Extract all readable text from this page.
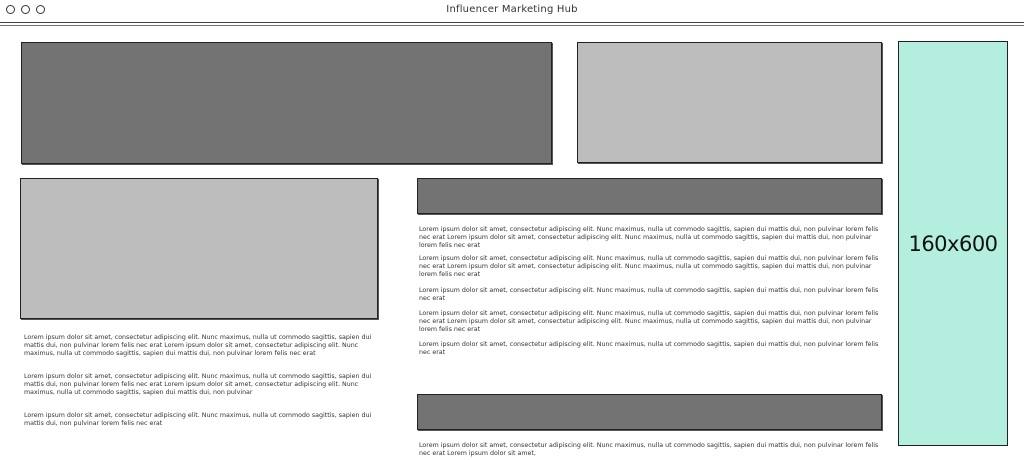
Influencer Marketing Hub

Lorem ipsum dolor sit amet, consectetur adipiscing elit. Nunc maximus, nulla ut commodo sagittis, sapien dui mattis dui, non pulvinar lorem felis nec erat Lorem ipsum dolor sit amet, consectetur adipiscing elit. Nunc maximus, nulla ut commodo sagittis, sapien dui mattis dui, non pulvinar lorem felis nec erat

Lorem ipsum dolor sit amet, consectetur adipiscing elit. Nunc maximus, nulla ut commodo sagittis, sapien dui mattis dui, non pulvinar lorem felis nec erat Lorem ipsum dolor sit amet, consectetur adipiscing elit. Nunc maximus, nulla ut commodo sagittis, sapien dui mattis dui, non pulvinar

Lorem ipsum dolor sit amet, consectetur adipiscing elit. Nunc maximus, nulla ut commodo sagittis, sapien dui mattis dui, non pulvinar lorem felis nec erat

Lorem ipsum dolor sit amet, consectetur adipiscing elit. Nunc maximus, nulla ut commodo sagittis, sapien dui mattis dui, non pulvinar lorem felis nec erat Lorem ipsum dolor sit amet, consectetur adipiscing elit. Nunc maximus, nulla ut commodo sagittis, sapien dui mattis dui, non pulvinar lorem felis nec erat

Lorem ipsum dolor sit amet, consectetur adipiscing elit. Nunc maximus, nulla ut commodo sagittis, sapien dui mattis dui, non pulvinar lorem felis nec erat Lorem ipsum dolor sit amet, consectetur adipiscing elit. Nunc maximus, nulla ut commodo sagittis, sapien dui mattis dui, non pulvinar lorem felis nec erat

Lorem ipsum dolor sit amet, consectetur adipiscing elit. Nunc maximus, nulla ut commodo sagittis, sapien dui mattis dui, non pulvinar lorem felis nec erat

Lorem ipsum dolor sit amet, consectetur adipiscing elit. Nunc maximus, nulla ut commodo sagittis, sapien dui mattis dui, non pulvinar lorem felis nec erat Lorem ipsum dolor sit amet, consectetur adipiscing elit. Nunc maximus, nulla ut commodo sagittis, sapien dui mattis dui, non pulvinar lorem felis nec erat

Lorem ipsum dolor sit amet, consectetur adipiscing elit. Nunc maximus, nulla ut commodo sagittis, sapien dui mattis dui, non pulvinar lorem felis nec erat

Lorem ipsum dolor sit amet, consectetur adipiscing elit. Nunc maximus, nulla ut commodo sagittis, sapien dui mattis dui, non pulvinar lorem felis nec erat Lorem ipsum dolor sit amet,

160x600
